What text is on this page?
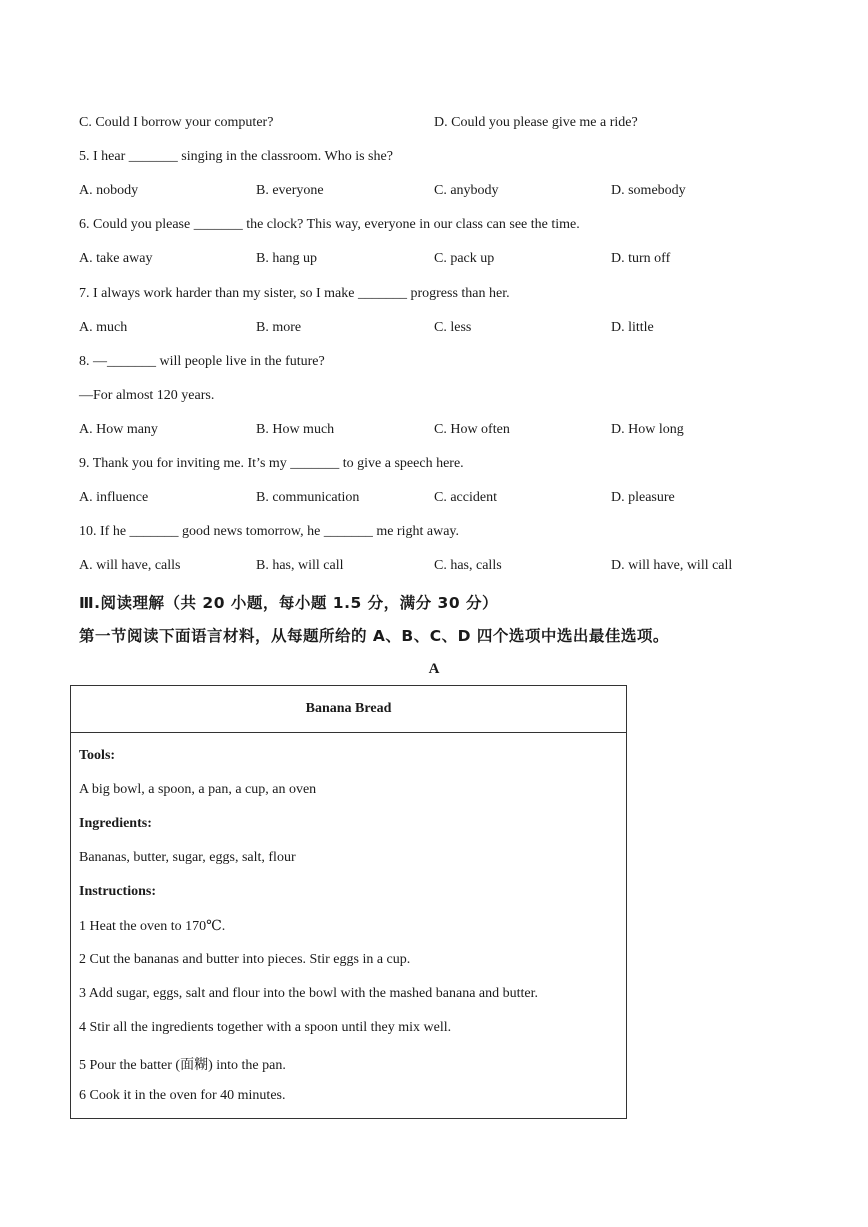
C. Could I borrow your computer?	D. Could you please give me a ride?
5. I hear _______ singing in the classroom. Who is she?
A. nobody	B. everyone	C. anybody	D. somebody
6. Could you please _______ the clock? This way, everyone in our class can see the time.
A. take away	B. hang up	C. pack up	D. turn off
7. I always work harder than my sister, so I make _______ progress than her.
A. much	B. more	C. less	D. little
8. —_______ will people live in the future?
—For almost 120 years.
A. How many	B. How much	C. How often	D. How long
9. Thank you for inviting me. It’s my _______ to give a speech here.
A. influence	B. communication	C. accident	D. pleasure
10. If he _______ good news tomorrow, he _______ me right away.
A. will have, calls	B. has, will call	C. has, calls	D. will have, will call
Ⅲ.阅读理解（共 20 小题，每小题 1.5 分，满分 30 分）
第一节阅读下面语言材料，从每题所给的 A、B、C、D 四个选项中选出最佳选项。
A
Banana Bread
Tools:
A big bowl, a spoon, a pan, a cup, an oven
Ingredients:
Bananas, butter, sugar, eggs, salt, flour
Instructions:
1 Heat the oven to 170℃.
2 Cut the bananas and butter into pieces. Stir eggs in a cup.
3 Add sugar, eggs, salt and flour into the bowl with the mashed banana and butter.
4 Stir all the ingredients together with a spoon until they mix well.
5 Pour the batter (面糊) into the pan.
6 Cook it in the oven for 40 minutes.
